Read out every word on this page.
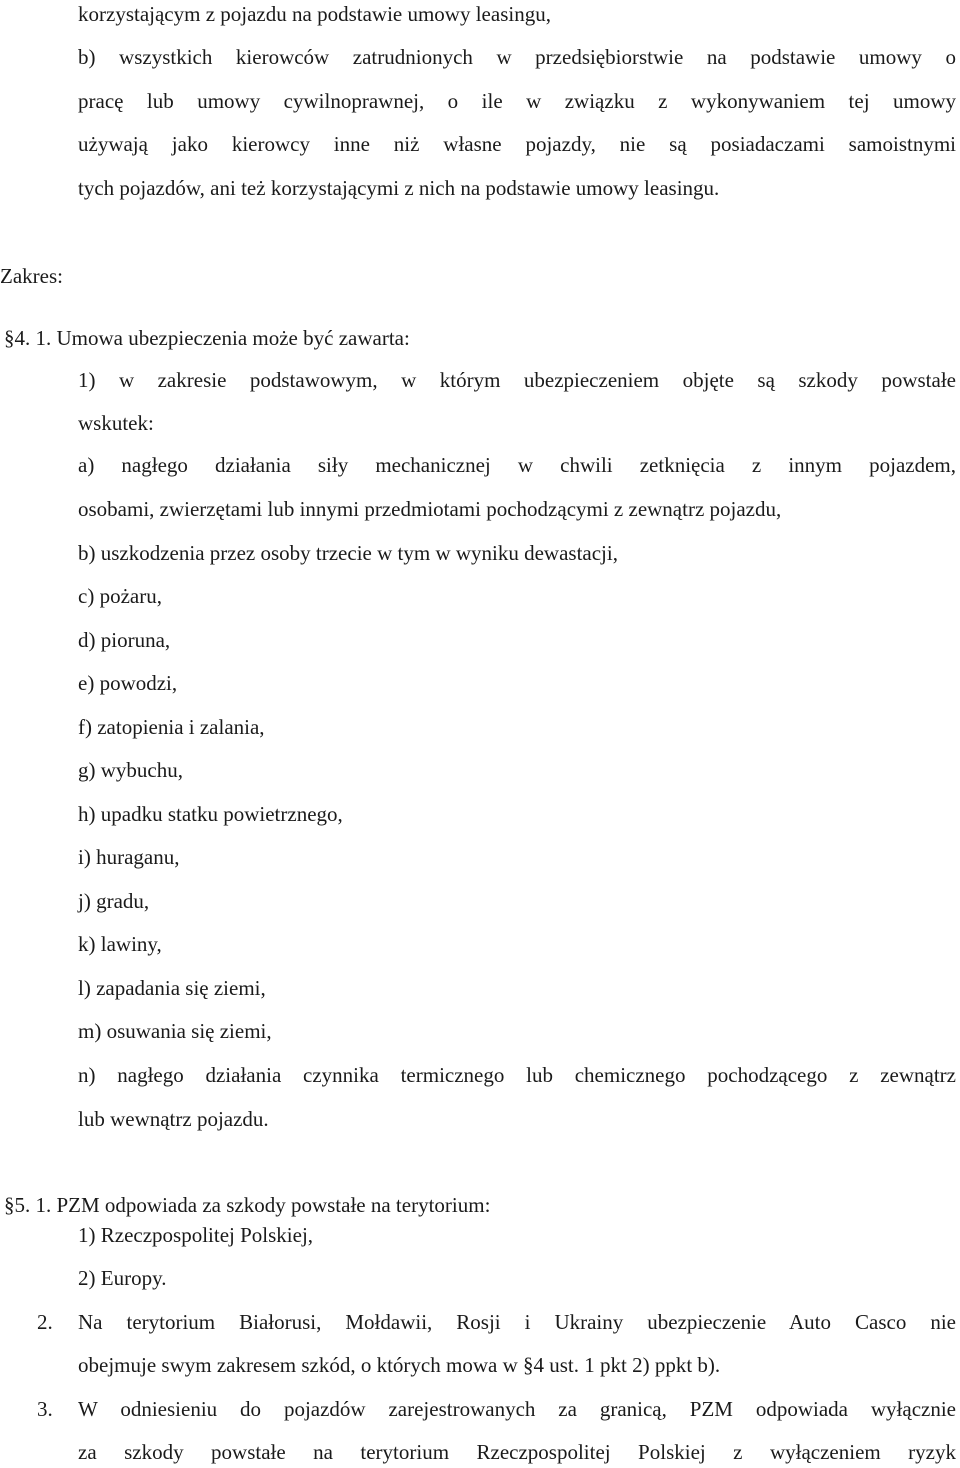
korzystającym z pojazdu na podstawie umowy leasingu,
b) wszystkich kierowców zatrudnionych w przedsiębiorstwie na podstawie umowy o
pracę lub umowy cywilnoprawnej, o ile w związku z wykonywaniem tej umowy
używają jako kierowcy inne niż własne pojazdy, nie są posiadaczami samoistnymi
tych pojazdów, ani też korzystającymi z nich na podstawie umowy leasingu.
Zakres:
§4. 1. Umowa ubezpieczenia może być zawarta:
1) w zakresie podstawowym, w którym ubezpieczeniem objęte są szkody powstałe
wskutek:
a) nagłego działania siły mechanicznej w chwili zetknięcia z innym pojazdem,
osobami, zwierzętami lub innymi przedmiotami pochodzącymi z zewnątrz pojazdu,
b) uszkodzenia przez osoby trzecie w tym w wyniku dewastacji,
c) pożaru,
d) pioruna,
e) powodzi,
f) zatopienia i zalania,
g) wybuchu,
h) upadku statku powietrznego,
i) huraganu,
j) gradu,
k) lawiny,
l) zapadania się ziemi,
m) osuwania się ziemi,
n) nagłego działania czynnika termicznego lub chemicznego pochodzącego z zewnątrz
lub wewnątrz pojazdu.
§5. 1. PZM odpowiada za szkody powstałe na terytorium:
1) Rzeczpospolitej Polskiej,
2) Europy.
2. Na terytorium Białorusi, Mołdawii, Rosji i Ukrainy ubezpieczenie Auto Casco nie
obejmuje swym zakresem szkód, o których mowa w §4 ust. 1 pkt 2) ppkt b).
3. W odniesieniu do pojazdów zarejestrowanych za granicą, PZM odpowiada wyłącznie
za szkody powstałe na terytorium Rzeczpospolitej Polskiej z wyłączeniem ryzyk
